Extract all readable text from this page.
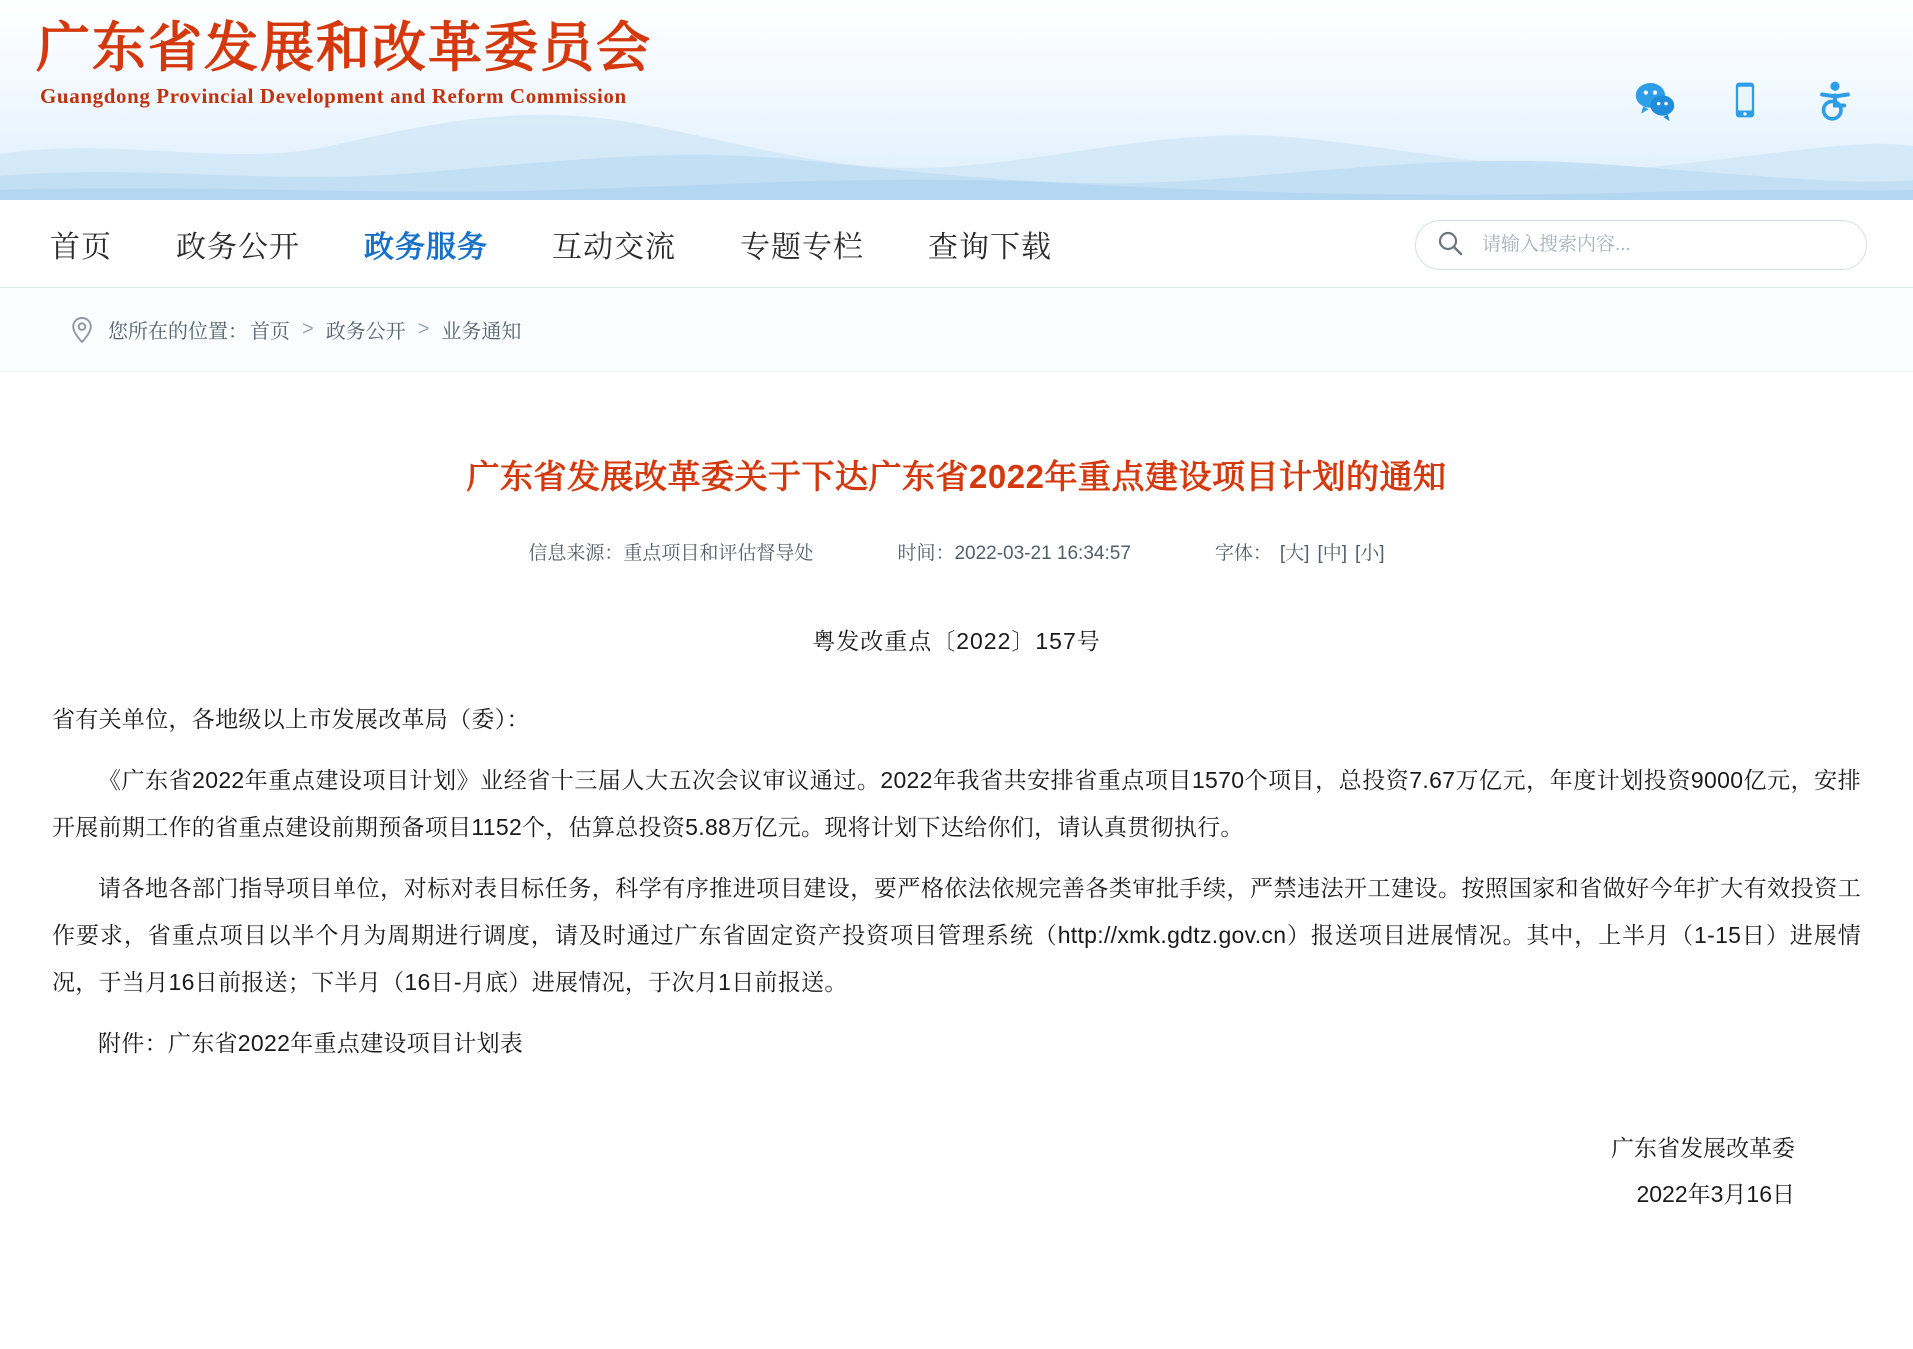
广东省发展和改革委员会
Guangdong Provincial Development and Reform Commission
首页	政务公开	政务服务	互动交流	专题专栏	查询下载
请输入搜索内容...
您所在的位置： 首页 > 政务公开 > 业务通知
广东省发展改革委关于下达广东省2022年重点建设项目计划的通知
信息来源：重点项目和评估督导处	时间：2022-03-21 16:34:57	字体： [大] [中] [小]
粤发改重点〔2022〕157号

省有关单位，各地级以上市发展改革局（委）：

《广东省2022年重点建设项目计划》业经省十三届人大五次会议审议通过。2022年我省共安排省重点项目1570个项目，总投资7.67万亿元，年度计划投资9000亿元，安排开展前期工作的省重点建设前期预备项目1152个，估算总投资5.88万亿元。现将计划下达给你们，请认真贯彻执行。

请各地各部门指导项目单位，对标对表目标任务，科学有序推进项目建设，要严格依法依规完善各类审批手续，严禁违法开工建设。按照国家和省做好今年扩大有效投资工作要求，省重点项目以半个月为周期进行调度，请及时通过广东省固定资产投资项目管理系统（http://xmk.gdtz.gov.cn）报送项目进展情况。其中，上半月（1-15日）进展情况，于当月16日前报送；下半月（16日-月底）进展情况，于次月1日前报送。

附件：广东省2022年重点建设项目计划表

广东省发展改革委
2022年3月16日
